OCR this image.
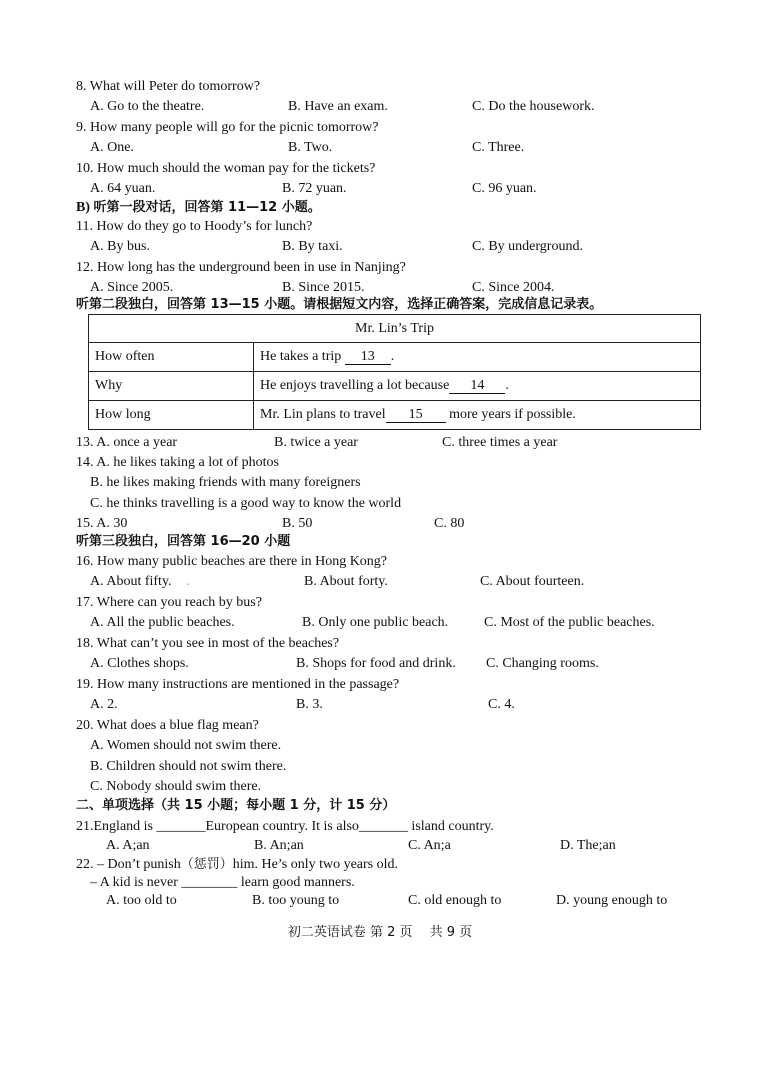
8. What will Peter do tomorrow?
A. Go to the theatre.	B. Have an exam.	C. Do the housework.
9. How many people will go for the picnic tomorrow?
A. One.	B. Two.	C. Three.
10. How much should the woman pay for the tickets?
A. 64 yuan.	B. 72 yuan.	C. 96 yuan.
B) 听第一段对话，回答第 11—12 小题。
11. How do they go to Hoody’s for lunch?
A. By bus.	B. By taxi.	C. By underground.
12. How long has the underground been in use in Nanjing?
A. Since 2005.	B. Since 2015.	C. Since 2004.
听第二段独白，回答第 13—15 小题。请根据短文内容，选择正确答案，完成信息记录表。
Mr. Lin’s Trip	
How often	He takes a trip 13 .
Why	He enjoys travelling a lot because 14 .
How long	Mr. Lin plans to travel 15 more years if possible.
13. A. once a year	B. twice a year	C. three times a year
14. A. he likes taking a lot of photos
B. he likes making friends with many foreigners
C. he thinks travelling is a good way to know the world
15. A. 30	B. 50	C. 80
听第三段独白，回答第 16—20 小题
16. How many public beaches are there in Hong Kong?
A. About fifty. .	B. About forty.	C. About fourteen.
17. Where can you reach by bus?
A. All the public beaches.	B. Only one public beach.	C. Most of the public beaches.
18. What can’t you see in most of the beaches?
A. Clothes shops.	B. Shops for food and drink. C. Changing rooms.
19. How many instructions are mentioned in the passage?
A. 2.	B. 3.	C. 4.
20. What does a blue flag mean?
A. Women should not swim there.
B. Children should not swim there.
C. Nobody should swim there.
二、单项选择（共 15 小题；每小题 1 分，计 15 分）
21.England is _______European country. It is also_______ island country.
A. A;an	B. An;an	C. An;a	D. The;an
22. – Don’t punish（惩罚）him. He’s only two years old.
– A kid is never ________ learn good manners.
A. too old to	B. too young to	C. old enough to	D. young enough to
初二英语试卷 第 2 页　 共 9 页
